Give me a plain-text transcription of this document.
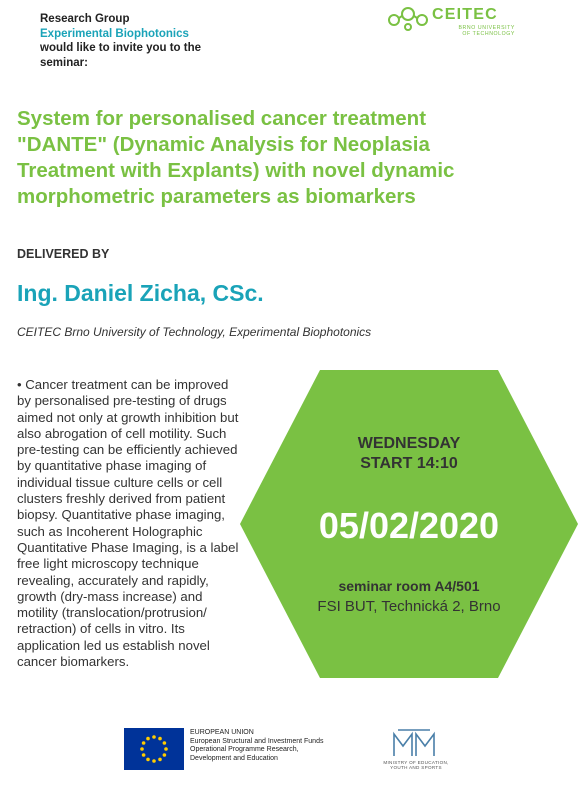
Research Group
Experimental Biophotonics
would like to invite you to the
seminar:
CEITEC
BRNO UNIVERSITY
OF TECHNOLOGY
System for personalised cancer treatment
"DANTE" (Dynamic Analysis for Neoplasia
Treatment with Explants) with novel dynamic
morphometric parameters as biomarkers
DELIVERED BY
Ing. Daniel Zicha, CSc.
CEITEC Brno University of Technology, Experimental Biophotonics
• Cancer treatment can be improved
by personalised pre-testing of drugs
aimed not only at growth inhibition but
also abrogation of cell motility. Such
pre-testing can be efficiently achieved
by quantitative phase imaging of
individual tissue culture cells or cell
clusters freshly derived from patient
biopsy. Quantitative phase imaging,
such as Incoherent Holographic
Quantitative Phase Imaging, is a label
free light microscopy technique
revealing, accurately and rapidly,
growth (dry-mass increase) and
motility (translocation/protrusion/
retraction) of cells in vitro. Its
application led us establish novel
cancer biomarkers.
WEDNESDAY
START 14:10
05/02/2020
seminar room A4/501
FSI BUT, Technická 2, Brno
EUROPEAN UNION
European Structural and Investment Funds
Operational Programme Research,
Development and Education
MINISTRY OF EDUCATION,
YOUTH AND SPORTS
